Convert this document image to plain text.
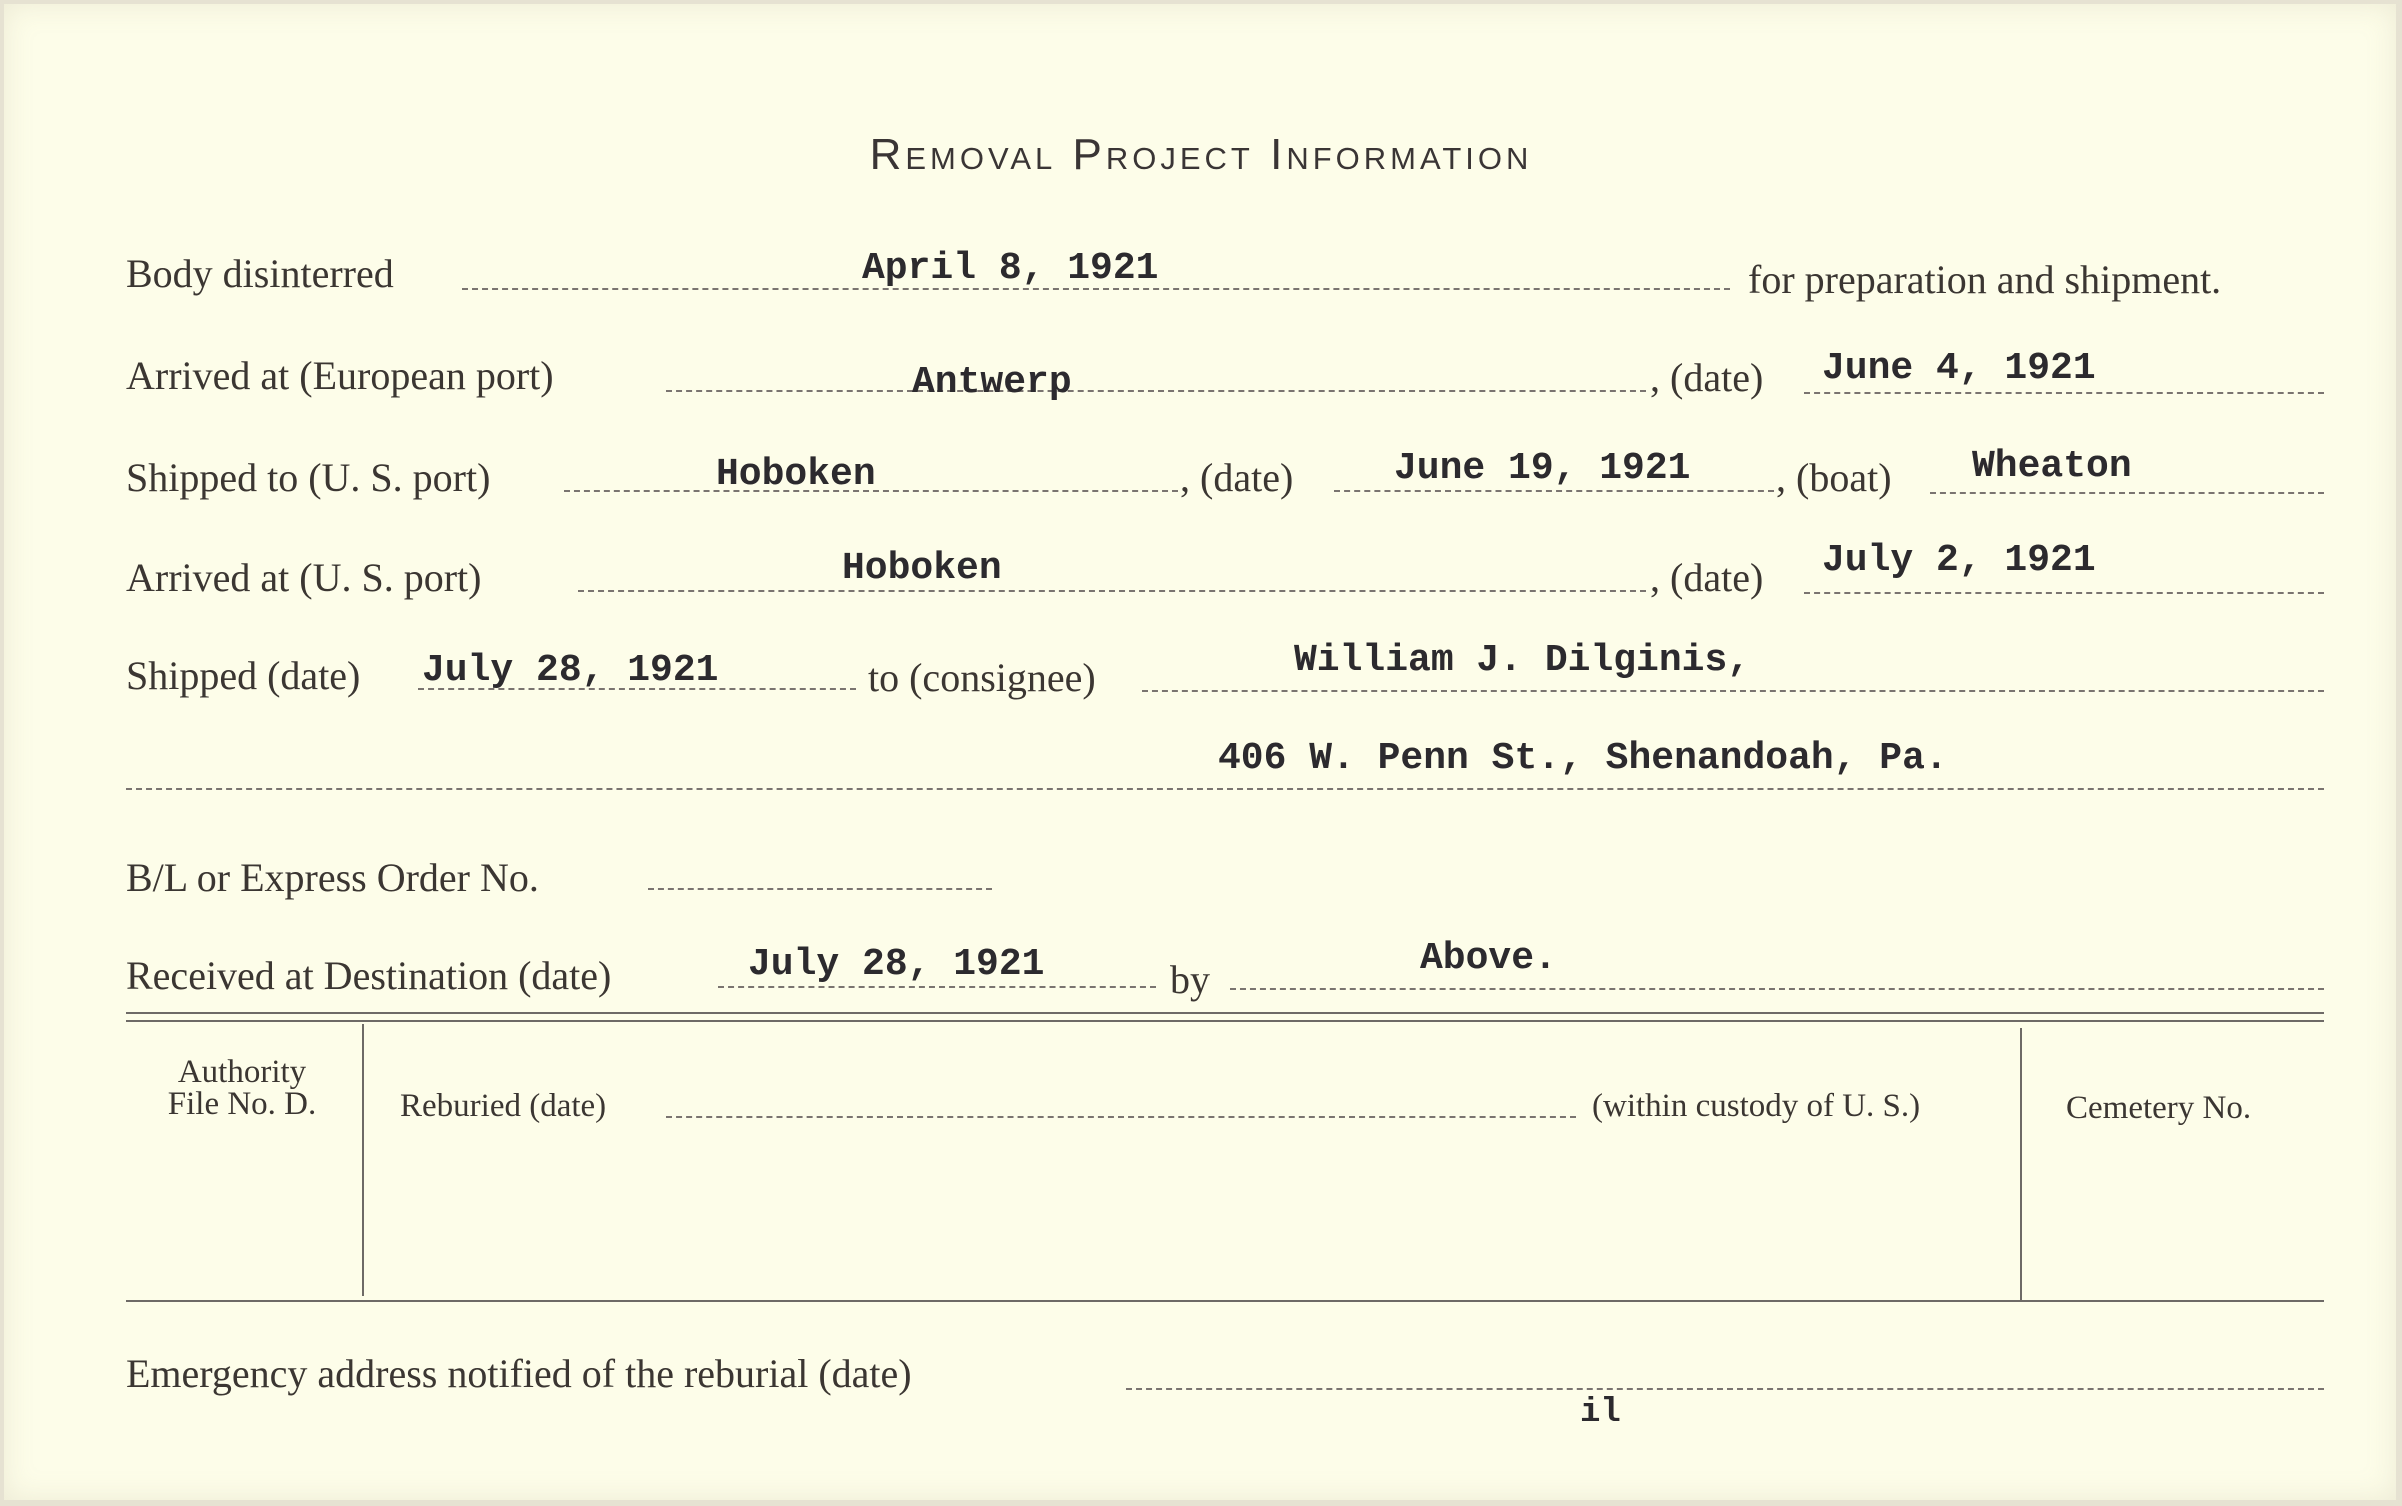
Removal Project Information
Body disinterred	April 8, 1921	for preparation and shipment.
Arrived at (European port)	Antwerp	, (date) June 4, 1921
Shipped to (U. S. port)	Hoboken	, (date)	June 19, 1921 , (boat) Wheaton
Arrived at (U. S. port)	Hoboken	, (date) July 2, 1921
Shipped (date) July 28, 1921	to (consignee)	William J. Dilginis,
406 W. Penn St., Shenandoah, Pa.
B/L or Express Order No.
Received at Destination (date)	July 28, 1921	by	Above.
Authority
File No. D.	Reburied (date)	(within custody of U. S.)	Cemetery No.
Emergency address notified of the reburial (date)
il
